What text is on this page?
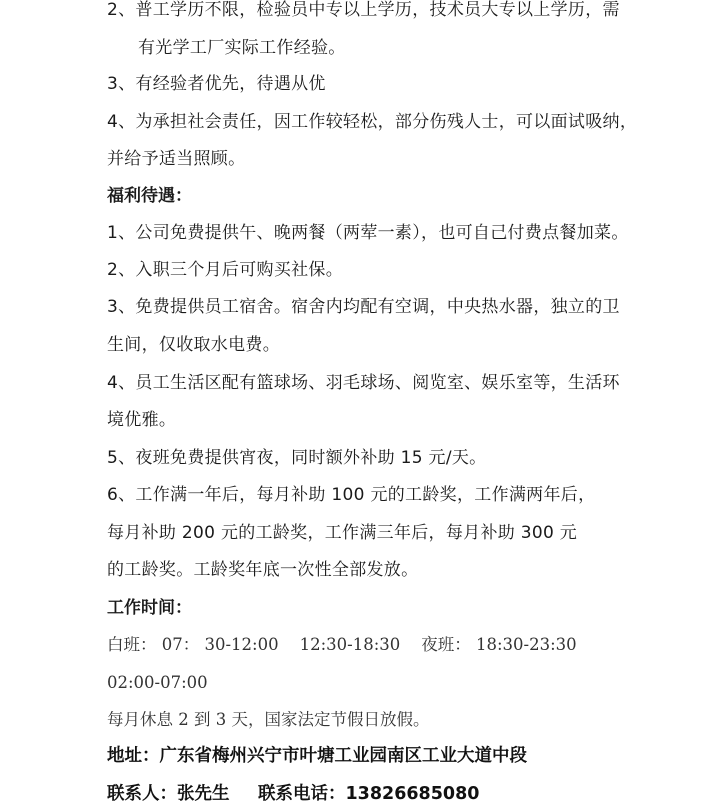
2、普工学历不限，检验员中专以上学历，技术员大专以上学历，需
有光学工厂实际工作经验。
3、有经验者优先，待遇从优
4、为承担社会责任，因工作较轻松，部分伤残人士，可以面试吸纳，
并给予适当照顾。
福利待遇：
1、公司免费提供午、晚两餐（两荤一素），也可自己付费点餐加菜。
2、入职三个月后可购买社保。
3、免费提供员工宿舍。宿舍内均配有空调，中央热水器，独立的卫
生间，仅收取水电费。
4、员工生活区配有篮球场、羽毛球场、阅览室、娱乐室等，生活环
境优雅。
5、夜班免费提供宵夜，同时额外补助 15 元/天。
6、工作满一年后，每月补助 100 元的工龄奖，工作满两年后，
每月补助 200 元的工龄奖，工作满三年后，每月补助 300 元
的工龄奖。工龄奖年底一次性全部发放。
工作时间：
白班： 07： 30-12:00    12:30-18:30    夜班： 18:30-23:30
02:00-07:00
每月休息 2 到 3 天，国家法定节假日放假。
地址：广东省梅州兴宁市叶塘工业园南区工业大道中段
联系人：张先生 联系电话：13826685080
